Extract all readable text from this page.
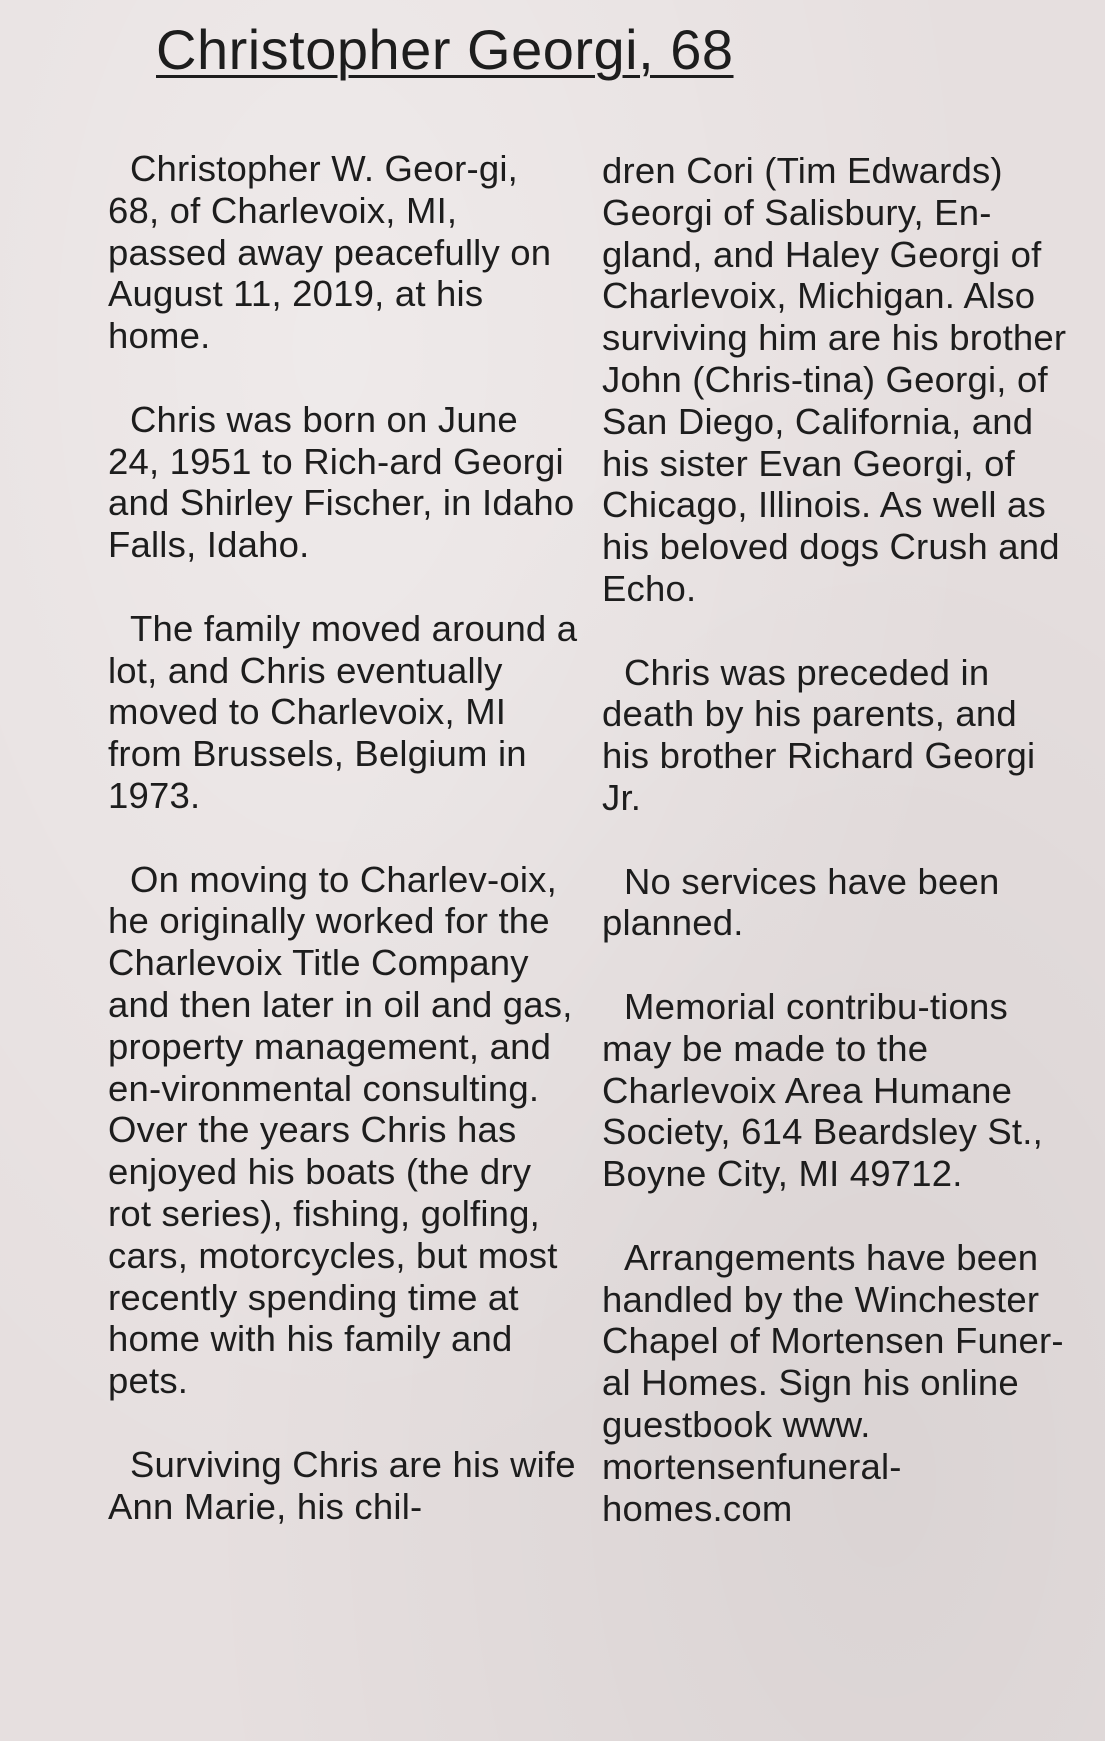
Christopher Georgi, 68

Christopher W. Geor-gi, 68, of Charlevoix, MI, passed away peacefully on August 11, 2019, at his home.

Chris was born on June 24, 1951 to Rich-ard Georgi and Shirley Fischer, in Idaho Falls, Idaho.

The family moved around a lot, and Chris eventually moved to Charlevoix, MI from Brussels, Belgium in 1973.

On moving to Charlev-oix, he originally worked for the Charlevoix Title Company and then later in oil and gas, property management, and en-vironmental consulting. Over the years Chris has enjoyed his boats (the dry rot series), fishing, golfing, cars, motorcycles, but most recently spending time at home with his family and pets.

Surviving Chris are his wife Ann Marie, his chil-

dren Cori (Tim Edwards) Georgi of Salisbury, En-gland, and Haley Georgi of Charlevoix, Michigan. Also surviving him are his brother John (Chris-tina) Georgi, of San Diego, California, and his sister Evan Georgi, of Chicago, Illinois. As well as his beloved dogs Crush and Echo.

Chris was preceded in death by his parents, and his brother Richard Georgi Jr.

No services have been planned.

Memorial contribu-tions may be made to the Charlevoix Area Humane Society, 614 Beardsley St., Boyne City, MI 49712.

Arrangements have been handled by the Winchester Chapel of Mortensen Funer-al Homes. Sign his online guestbook www. mortensenfuneral-homes.com
